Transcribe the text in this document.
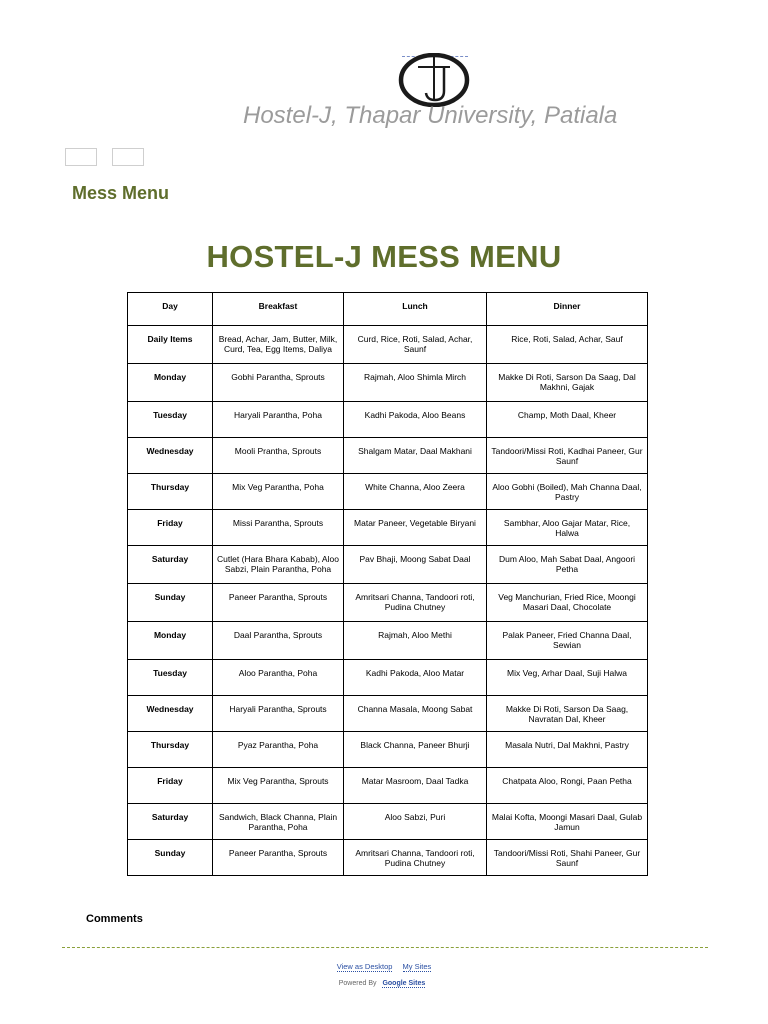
Hostel-J, Thapar University, Patiala
Mess Menu
HOSTEL-J MESS MENU
Day	Breakfast	Lunch	Dinner
Daily Items	Bread, Achar, Jam, Butter, Milk, Curd, Tea, Egg Items, Daliya	Curd, Rice, Roti, Salad, Achar, Saunf	Rice, Roti, Salad, Achar, Sauf
Monday	Gobhi Parantha, Sprouts	Rajmah, Aloo Shimla Mirch	Makke Di Roti, Sarson Da Saag, Dal Makhni, Gajak
Tuesday	Haryali Parantha, Poha	Kadhi Pakoda, Aloo Beans	Champ, Moth Daal, Kheer
Wednesday	Mooli Prantha, Sprouts	Shalgam Matar, Daal Makhani	Tandoori/Missi Roti, Kadhai Paneer, Gur Saunf
Thursday	Mix Veg Parantha, Poha	White Channa, Aloo Zeera	Aloo Gobhi (Boiled), Mah Channa Daal, Pastry
Friday	Missi Parantha, Sprouts	Matar Paneer, Vegetable Biryani	Sambhar, Aloo Gajar Matar, Rice, Halwa
Saturday	Cutlet (Hara Bhara Kabab), Aloo Sabzi, Plain Parantha, Poha	Pav Bhaji, Moong Sabat Daal	Dum Aloo, Mah Sabat Daal, Angoori Petha
Sunday	Paneer Parantha, Sprouts	Amritsari Channa, Tandoori roti, Pudina Chutney	Veg Manchurian, Fried Rice, Moongi Masari Daal, Chocolate
Monday	Daal Parantha, Sprouts	Rajmah, Aloo Methi	Palak Paneer, Fried Channa Daal, Sewian
Tuesday	Aloo Parantha, Poha	Kadhi Pakoda, Aloo Matar	Mix Veg, Arhar Daal, Suji Halwa
Wednesday	Haryali Parantha, Sprouts	Channa Masala, Moong Sabat	Makke Di Roti, Sarson Da Saag, Navratan Dal, Kheer
Thursday	Pyaz Parantha, Poha	Black Channa, Paneer Bhurji	Masala Nutri, Dal Makhni, Pastry
Friday	Mix Veg Parantha, Sprouts	Matar Masroom, Daal Tadka	Chatpata Aloo, Rongi, Paan Petha
Saturday	Sandwich, Black Channa, Plain Parantha, Poha	Aloo Sabzi, Puri	Malai Kofta, Moongi Masari Daal, Gulab Jamun
Sunday	Paneer Parantha, Sprouts	Amritsari Channa, Tandoori roti, Pudina Chutney	Tandoori/Missi Roti, Shahi Paneer, Gur Saunf
Comments
View as Desktop My Sites
Powered By Google Sites
